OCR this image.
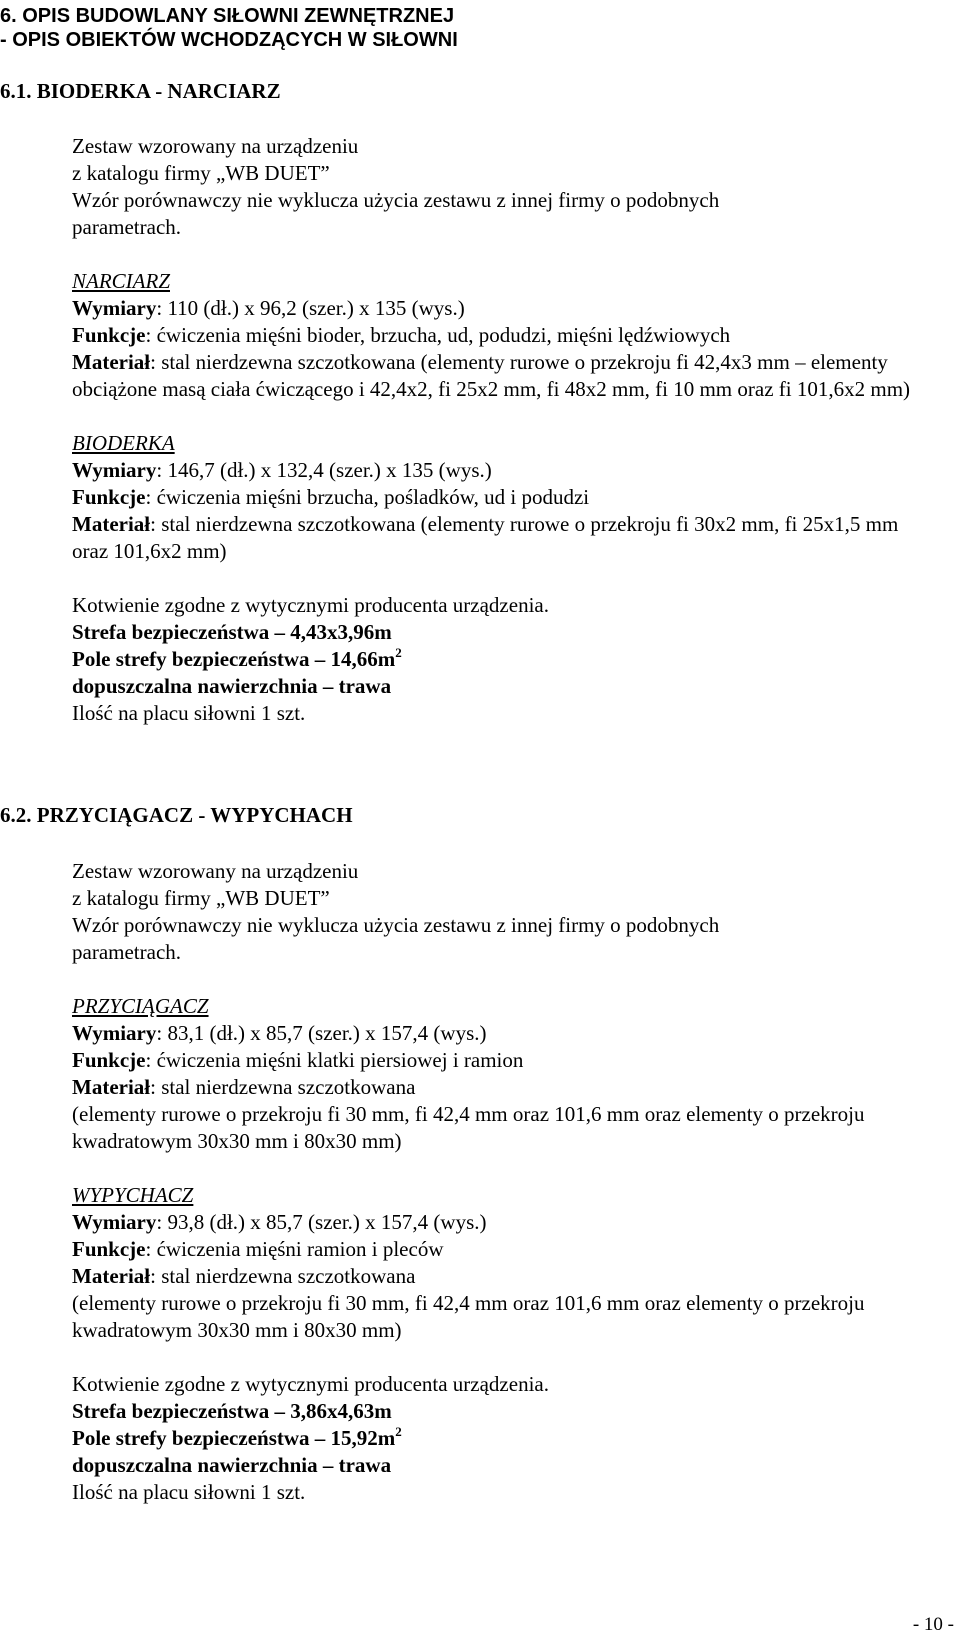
6. OPIS BUDOWLANY SIŁOWNI ZEWNĘTRZNEJ
- OPIS OBIEKTÓW WCHODZĄCYCH W SIŁOWNI
6.1. BIODERKA - NARCIARZ
Zestaw wzorowany na urządzeniu
z katalogu firmy „WB DUET”
Wzór porównawczy nie wyklucza użycia zestawu z innej firmy o podobnych
parametrach.
NARCIARZ
Wymiary: 110 (dł.) x 96,2 (szer.) x 135 (wys.)
Funkcje: ćwiczenia mięśni bioder, brzucha, ud, podudzi, mięśni lędźwiowych
Materiał: stal nierdzewna szczotkowana (elementy rurowe o przekroju fi 42,4x3 mm – elementy obciążone masą ciała ćwiczącego i 42,4x2, fi 25x2 mm, fi 48x2 mm, fi 10 mm oraz fi 101,6x2 mm)
BIODERKA
Wymiary: 146,7 (dł.) x 132,4 (szer.) x 135 (wys.)
Funkcje: ćwiczenia mięśni brzucha, pośladków, ud i podudzi
Materiał: stal nierdzewna szczotkowana (elementy rurowe o przekroju fi 30x2 mm, fi 25x1,5 mm oraz 101,6x2 mm)
Kotwienie zgodne z wytycznymi producenta urządzenia.
Strefa bezpieczeństwa – 4,43x3,96m
Pole strefy bezpieczeństwa – $14,66m^2$
dopuszczalna nawierzchnia – trawa
Ilość na placu siłowni 1 szt.
6.2. PRZYCIĄGACZ - WYPYCHACH
Zestaw wzorowany na urządzeniu
z katalogu firmy „WB DUET”
Wzór porównawczy nie wyklucza użycia zestawu z innej firmy o podobnych
parametrach.
PRZYCIĄGACZ
Wymiary: 83,1 (dł.) x 85,7 (szer.) x 157,4 (wys.)
Funkcje: ćwiczenia mięśni klatki piersiowej i ramion
Materiał: stal nierdzewna szczotkowana
(elementy rurowe o przekroju fi 30 mm, fi 42,4 mm oraz 101,6 mm oraz elementy o przekroju kwadratowym 30x30 mm i 80x30 mm)
WYPYCHACZ
Wymiary: 93,8 (dł.) x 85,7 (szer.) x 157,4 (wys.)
Funkcje: ćwiczenia mięśni ramion i pleców
Materiał: stal nierdzewna szczotkowana
(elementy rurowe o przekroju fi 30 mm, fi 42,4 mm oraz 101,6 mm oraz elementy o przekroju kwadratowym 30x30 mm i 80x30 mm)
Kotwienie zgodne z wytycznymi producenta urządzenia.
Strefa bezpieczeństwa – 3,86x4,63m
Pole strefy bezpieczeństwa – $15,92m^2$
dopuszczalna nawierzchnia – trawa
Ilość na placu siłowni 1 szt.
- 10 -
